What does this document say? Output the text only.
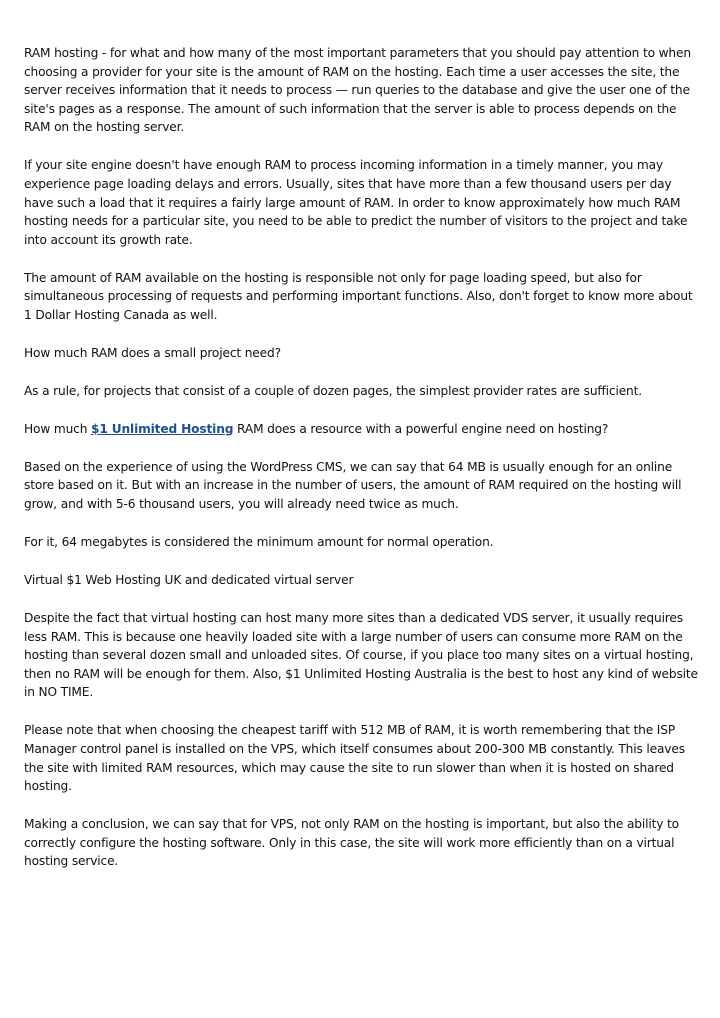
RAM hosting - for what and how many of the most important parameters that you should pay attention to when choosing a provider for your site is the amount of RAM on the hosting. Each time a user accesses the site, the server receives information that it needs to process — run queries to the database and give the user one of the site's pages as a response. The amount of such information that the server is able to process depends on the RAM on the hosting server.

If your site engine doesn't have enough RAM to process incoming information in a timely manner, you may experience page loading delays and errors. Usually, sites that have more than a few thousand users per day have such a load that it requires a fairly large amount of RAM. In order to know approximately how much RAM hosting needs for a particular site, you need to be able to predict the number of visitors to the project and take into account its growth rate.

The amount of RAM available on the hosting is responsible not only for page loading speed, but also for simultaneous processing of requests and performing important functions. Also, don't forget to know more about 1 Dollar Hosting Canada as well.

How much RAM does a small project need?

As a rule, for projects that consist of a couple of dozen pages, the simplest provider rates are sufficient.

How much $1 Unlimited Hosting RAM does a resource with a powerful engine need on hosting?

Based on the experience of using the WordPress CMS, we can say that 64 MB is usually enough for an online store based on it. But with an increase in the number of users, the amount of RAM required on the hosting will grow, and with 5-6 thousand users, you will already need twice as much.

For it, 64 megabytes is considered the minimum amount for normal operation.

Virtual $1 Web Hosting UK and dedicated virtual server

Despite the fact that virtual hosting can host many more sites than a dedicated VDS server, it usually requires less RAM. This is because one heavily loaded site with a large number of users can consume more RAM on the hosting than several dozen small and unloaded sites. Of course, if you place too many sites on a virtual hosting, then no RAM will be enough for them. Also, $1 Unlimited Hosting Australia is the best to host any kind of website in NO TIME.

Please note that when choosing the cheapest tariff with 512 MB of RAM, it is worth remembering that the ISP Manager control panel is installed on the VPS, which itself consumes about 200-300 MB constantly. This leaves the site with limited RAM resources, which may cause the site to run slower than when it is hosted on shared hosting.

Making a conclusion, we can say that for VPS, not only RAM on the hosting is important, but also the ability to correctly configure the hosting software. Only in this case, the site will work more efficiently than on a virtual hosting service.
